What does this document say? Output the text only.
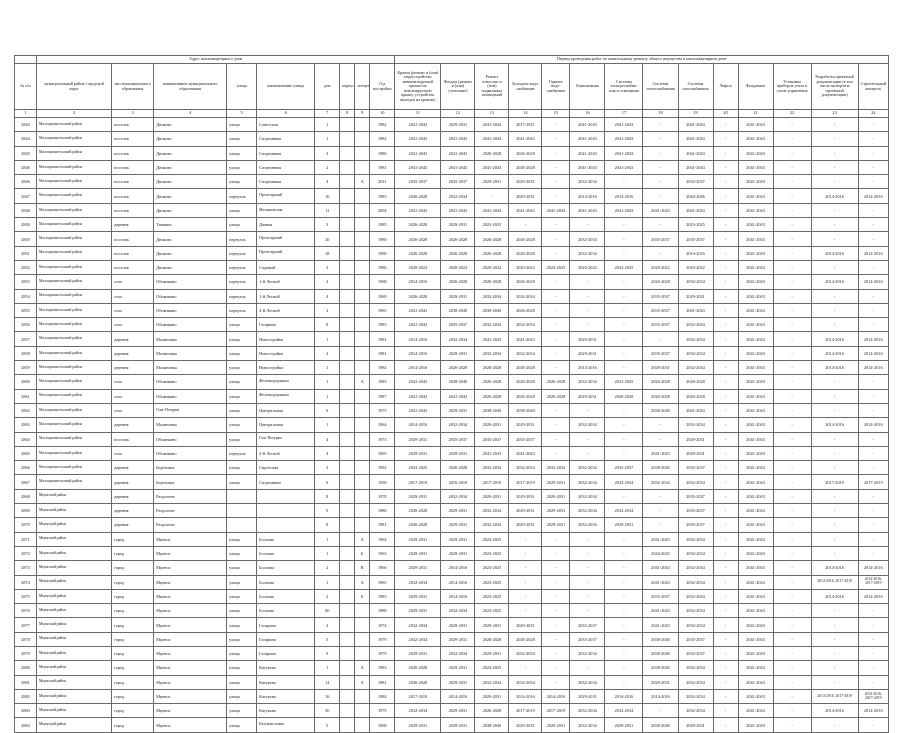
	Адрес многоквартирного дома									Период проведения работ по капитальному ремонту общего имущества в многоквартирном доме													
№ п/п	муниципальный район/ городской округ	тип муниципального образования	наименование муниципального образования	улица	наименование улицы	дом	корпус	литера	Год постройки	Кровля (ремонт и (или) переустройство невентилируемой крыши на вентилируемую крышу, устройство выходов на кровлю)	Фасады (ремонт и (или) утепление)	Ремонт отмостки и (или) подвальных помещений	Холодное водо- снабжение	Горячее водо- снабжение	Канализация	Системы электроснабже- ния и освещения	Системы теплоснабжения	Системы газоснабжения	Лифты	Фундамент	Установка приборов учета и узлов управления	Разработка проектной документации (в том числе экспертиза проектной документации)	Строительный контроль
1	2	3	4	5	6	7	8	9	10	11	12	13	14	15	16	17	18	19	20	21	22	23	24
2843	Малоархангельский район	поселок	Дичково	улица	Советская	1			1982	2041-2043	2029-2031	2041-2043	2017-2021	-	2041-2043	2041-2043	-	2041-2043	-	2041-2043	-	-	-
2844	Малоархангельский район	поселок	Дичково	улица	Спортивная	1			1982	2041-2043	2041-2043	2041-2043	2041-2043	-	2041-2043	2041-2043	-	2041-2043	-	2041-2043	-	-	-
2845	Малоархангельский район	поселок	Дичково	улица	Спортивная	3			1986	2041-2043	2041-2043	2026-2028	2026-2028	-	2041-2043	2041-2043	-	2041-2043	-	2041-2043	-	-	-
2846	Малоархангельский район	поселок	Дичково	улица	Спортивная	2			1981	2041-2043	2041-2043	2041-2043	2026-2028	-	2041-2043	2041-2043	-	2041-2043	-	2041-2043	-	-	-
2846	Малоархангельский район	поселок	Дичково	улица	Спортивная	4		А	2011	2035-2037	2035-2037	2029-2031	2029-2031	-	2032-2034	-	-	2035-2037	-	2041-2043	-	-	-
2847	Малоархангельский район	поселок	Дичково	переулок	Пролетарский	16			1983	2026-2028	2032-2034	-	2029-2031	-	2014-2016	2014-2016	-	2044-2046	-	2041-2043	-	2014-2016	2014-2016
2848	Малоархангельский район	поселок	Дичково	улица	Механическая	11			2004	2041-2043	2041-2043	2041-2043	2041-2043	2041-2043	2041-2043	2041-2043	2041-2043	2041-2043	-	2041-2043	-	-	-
2849	Малоархангельский район	деревня	Танкино	улица	Дачная	3			1985	2026-2028	2029-2031	2023-2025	-	-	-	-	-	2023-2025	-	2041-2043	-	-	-
2850	Малоархангельский район	поселок	Дичково	переулок	Пролетарский	20			1980	2026-2028	2026-2028	2026-2028	2026-2028	-	2032-2034	-	2035-2037	2035-2037	-	2041-2043	-	-	-
2851	Малоархангельский район	поселок	Дичково	переулок	Пролетарский	18			1990	2026-2028	2026-2028	2026-2028	2026-2028	-	2032-2034	-	-	2014-2016	-	2041-2043	-	2014-2016	2014-2016
2852	Малоархангельский район	поселок	Дичково	переулок	Садовый	3			1980	2020-2022	2020-2022	2020-2022	2020-2022	2023-2025	2020-2022	2023-2025	2020-2022	2020-2022	-	2041-2043	-	-	-
2853	Малоархангельский район	село	Обоянкино	переулок	1-й Лесной	2			1968	2014-2016	2026-2028	2026-2028	2026-2028	-	-	-	2026-2028	2032-2034	-	2041-2043	-	2014-2016	2014-2016
2854	Малоархангельский район	село	Обоянкино	переулок	1-й Лесной	4			1969	2026-2028	2029-2031	2032-2034	2032-2034	-	-	-	2035-2037	2029-2031	-	2041-2043	-	-	-
2855	Малоархангельский район	село	Обоянкино	переулок	2-й Лесной	2			1965	2041-2043	2038-2040	2038-2040	2026-2028	-	-	-	2035-2037	2041-2043	-	2041-2043	-	-	-
2856	Малоархангельский район	село	Обоянкино	улица	Гагарина	8			1983	2041-2043	2035-2037	2032-2034	2032-2034	-	-	-	2035-2037	2032-2034	-	2041-2043	-	-	-
2857	Малоархангельский район	деревня	Малиновка	улица	Новостройка	1			1981	2014-2016	2032-2034	2041-2043	2041-2043	-	2029-2031	-	-	2032-2034	-	2041-2043	-	2014-2016	2014-2016
2858	Малоархангельский район	деревня	Малиновка	улица	Новостройка	2			1981	2014-2016	2029-2031	2032-2034	2032-2034	-	2029-2031	-	2035-2037	2032-2034	-	2041-2043	-	2014-2016	2014-2016
2859	Малоархангельский район	деревня	Малиновка	улица	Новостройка	1			1984	2014-2016	2026-2028	2026-2028	2026-2028	-	2014-2016	-	2029-2031	2032-2034	-	2041-2043	-	2014-2016	2014-2016
2860	Малоархангельский район	село	Обоянкино	улица	Железнодорожная	1		А	1983	2041-2043	2038-2040	2026-2028	2026-2028	2026-2028	2032-2034	2023-2025	2026-2028	2026-2028	-	2041-2043	-	-	-
2861	Малоархангельский район	село	Обоянкино	улица	Железнодорожная	1			1987	2041-2043	2041-2043	2026-2028	2026-2028	2026-2028	2029-2031	2026-2028	2026-2028	2026-2028	-	2041-2043	-	-	-
2862	Малоархангельский район	село	Олег-Печурки	улица	Центральная	6			1975	2041-2043	2029-2031	2038-2040	2038-2040	-	-	-	2038-2040	2041-2043	-	2041-2043	-	-	-
2863	Малоархангельский район	деревня	Малиновка	улица	Центральная	1			1964	2014-2016	2032-2034	2029-2031	2029-2031	-	2032-2034	-	-	2032-2034	-	2041-2043	-	2014-2016	2014-2016
2864	Малоархангельский район	поселок	Обоянкино	улица	Газо-Печурки	4			1973	2029-2031	2035-2037	2035-2037	2035-2037	-	-	-	-	2029-2031	-	2041-2043	-	-	-
2865	Малоархангельский район	село	Обоянкино	переулок	2-й Лесной	4			1965	2029-2031	2029-2031	2041-2043	2041-2043	-	-	-	2041-2043	2029-2031	-	2041-2043	-	-	-
2866	Малоархангельский район	деревня	Березовка	улица	Сиротская	2			1992	2023-2025	2026-2028	2032-2034	2032-2034	2032-2034	2032-2034	2035-2037	2038-2040	2035-2037	-	2041-2043	-	-	-
2867	Малоархангельский район	деревня	Березовка	улица	Спортивное	6			1958	2017-2019	2016-2018	2017-2019	2017-2019	2029-2031	2032-2034	2032-2034	2032-2034	2032-2034	-	2041-2043	-	2017-2019	2017-2019
2868	Мценский район	деревня	Раздолное			8			1978	2029-2031	2032-2034	2029-2031	2029-2031	2029-2031	2032-2034	-	-	2035-2037	-	2041-2043	-	-	-
2869	Мценский район	деревня	Раздолное			9			1980	2026-2028	2029-2031	2032-2034	2029-2031	2029-2031	2032-2034	2032-2034	-	2035-2037	-	2041-2043	-	-	-
2870	Мценский район	деревня	Раздолное			8			1981	2026-2028	2029-2031	2032-2034	2029-2031	2029-2031	2032-2034	2029-2031	-	2035-2037	-	2041-2043	-	-	-
2871	Мценский район	город	Мценск	улица	Болхова	1		А	1964	2029-2031	2029-2031	2023-2025	-	-	-	-	2041-2043	2032-2034	-	2041-2043	-	-	-
2872	Мценский район	город	Мценск	улица	Болхова	1		Б	1963	2029-2031	2029-2031	2023-2025	-	-	-	-	2044-2045	2032-2034	-	2041-2043	-	-	-
2873	Мценский район	город	Мценск	улица	Болхова	2		В	1966	2029-2031	2014-2016	2023-2025	-	-	-	-	2041-2043	2032-2034	-	2041-2043	-	2014-2016	2014-2016
2874	Мценский район	город	Мценск	улица	Болхова	1		А	1965	2032-2034	2014-2016	2023-2025	-	-	-	-	2041-2043	2032-2034	-	2041-2043	-	2014-2016, 2017-2019	2014-2016, 2017-2019
2875	Мценский район	город	Мценск	улица	Болхова	2		Б	1983	2029-2031	2014-2016	2023-2025	-	-	-	-	2035-2037	2032-2034	-	2041-2043	-	2014-2016	2014-2016
2876	Мценский район	город	Мценск	улица	Болхова	60			1988	2029-2031	2032-2034	2023-2025	-	-	-	-	2041-2043	2032-2034	-	2041-2043	-	-	-
2877	Мценский район	город	Мценск	улица	Гагарина	2			1974	2032-2034	2029-2031	2029-2031	2029-2031	-	2035-2037	-	2041-2043	2032-2034	-	2041-2043	-	-	-
2878	Мценский район	город	Мценск	улица	Гагарина	5			1979	2032-2034	2029-2031	2026-2028	2026-2028	-	2035-2037	-	2038-2040	2035-2037	-	2041-2043	-	-	-
2879	Мценский район	город	Мценск	улица	Гагарина	9			1979	2029-2031	2032-2034	2029-2031	2032-2034	-	2032-2034	-	2038-2040	2035-2037	-	2041-2043	-	-	-
2880	Мценский район	город	Мценск	улица	Катукова	1		А	1983	2026-2028	2029-2031	2023-2025	-	-	-	-	2038-2040	2032-2034	-	2041-2043	-	-	-
2881	Мценский район	город	Мценск	улица	Катукова	14		А	1981	2026-2028	2029-2031	2032-2034	2032-2034	-	2032-2034	-	2029-2031	2032-2034	-	2041-2043	-	-	-
2882	Мценский район	город	Мценск	улица	Катукова	16			1984	2017-2019	2014-2016	2029-2031	2014-2016	2014-2016	2029-2031	2014-2016	2014-2016	2032-2034	-	2041-2043	-	2014-2016, 2017-2019	2014-2016, 2017-2019
2883	Мценский район	город	Мценск	улица	Катукова	30			1979	2032-2034	2029-2031	2026-2028	2017-2019	2017-2019	2032-2034	2032-2034	-	2032-2034	-	2041-2043	-	2014-2016	2014-2016
2884	Мценский район	город	Мценск	улица	Катукова новая	5			1968	2029-2031	2029-2031	2038-2040	2029-2031	2029-2031	2032-2034	2029-2031	2038-2040	2029-2031	-	2041-2043	-	-	-
